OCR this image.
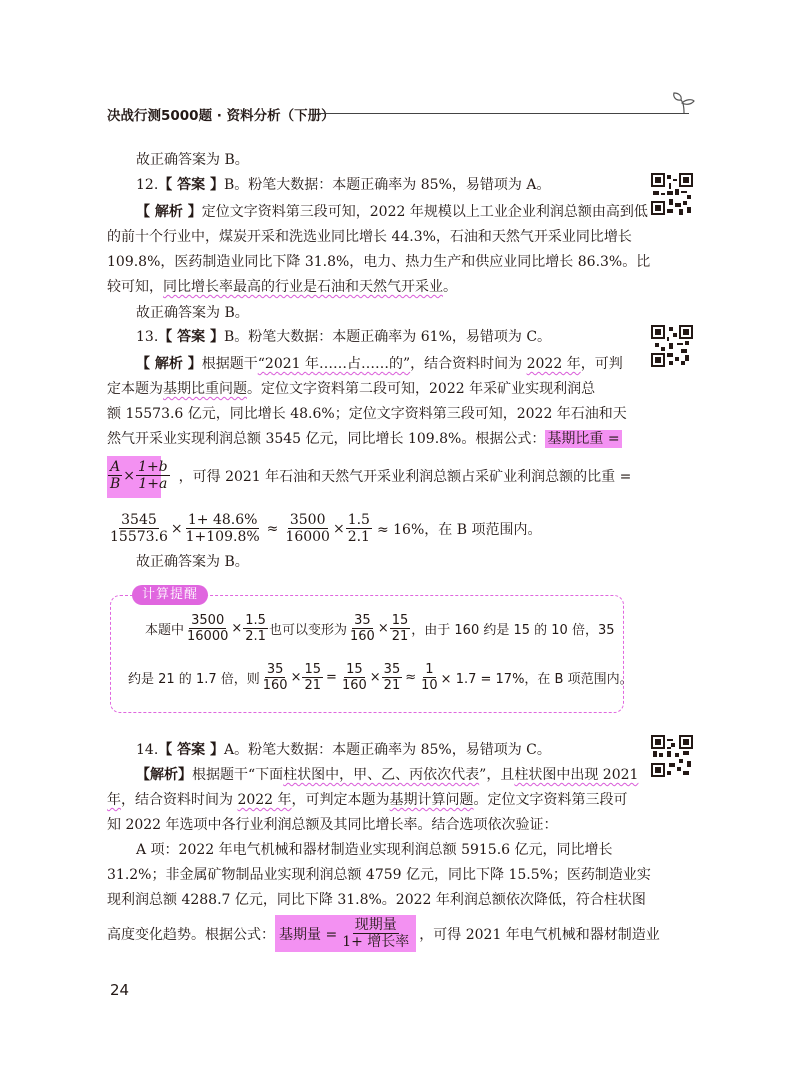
决战行测5000题 · 资料分析（下册）
故正确答案为 B。
12.【 答案 】B。粉笔大数据：本题正确率为 85%，易错项为 A。
【 解析 】定位文字资料第三段可知，2022 年规模以上工业企业利润总额由高到低
的前十个行业中，煤炭开采和洗选业同比增长 44.3%，石油和天然气开采业同比增长
109.8%，医药制造业同比下降 31.8%，电力、热力生产和供应业同比增长 86.3%。比
较可知，同比增长率最高的行业是石油和天然气开采业。
故正确答案为 B。
13.【 答案 】B。粉笔大数据：本题正确率为 61%，易错项为 C。
【 解析 】根据题干“2021 年……占……的”，结合资料时间为 2022 年，可判
定本题为基期比重问题。定位文字资料第二段可知，2022 年采矿业实现利润总
额 15573.6 亿元，同比增长 48.6%；定位文字资料第三段可知，2022 年石油和天
然气开采业实现利润总额 3545 亿元，同比增长 109.8%。根据公式： 基期比重 =
$\frac{A}{B} \times \frac{1+b}{1+a}$ ，可得 2021 年石油和天然气开采业利润总额占采矿业利润总额的比重 =
$\frac{3545}{15573.6} \times \frac{1+ 48.6\%}{1+109.8\%} \approx \frac{3500}{16000} \times \frac{1.5}{2.1} \approx 16\%$，在 B 项范围内。
故正确答案为 B。
计算提醒
本题中 $\frac{3500}{16000} \times \frac{1.5}{2.1}$ 也可以变形为 $\frac{35}{160} \times \frac{15}{21}$ ，由于 160 约是 15 的 10 倍，35
约是 21 的 1.7 倍，则 $\frac{35}{160} \times \frac{15}{21} = \frac{15}{160} \times \frac{35}{21} \approx \frac{1}{10} \times 1.7 = 17\%$，在 B 项范围内。
14.【 答案 】A。粉笔大数据：本题正确率为 85%，易错项为 C。
【解析】根据题干“下面柱状图中，甲、乙、丙依次代表”，且柱状图中出现 2021
年，结合资料时间为 2022 年，可判定本题为基期计算问题。定位文字资料第三段可
知 2022 年选项中各行业利润总额及其同比增长率。结合选项依次验证：
A 项：2022 年电气机械和器材制造业实现利润总额 5915.6 亿元，同比增长
31.2%；非金属矿物制品业实现利润总额 4759 亿元，同比下降 15.5%；医药制造业实
现利润总额 4288.7 亿元，同比下降 31.8%。2022 年利润总额依次降低，符合柱状图
高度变化趋势。根据公式： 基期量 = $\frac{\text{现期量}}{\text{1+ 增长率}}$ ，可得 2021 年电气机械和器材制造业
24
